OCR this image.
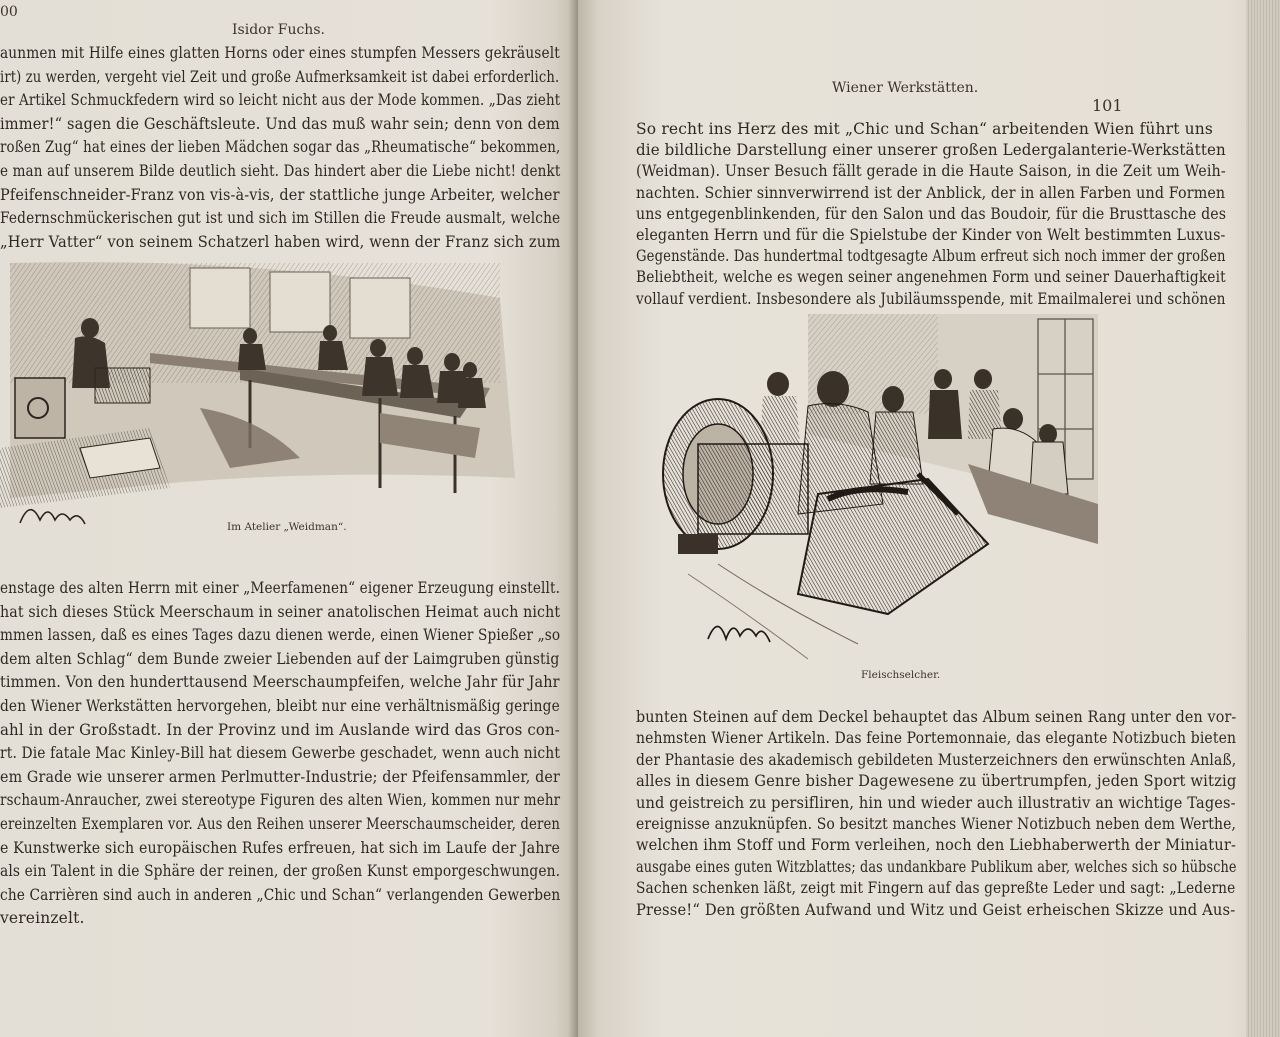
00
Isidor Fuchs.
aunmen mit Hilfe eines glatten Horns oder eines stumpfen Messers gekräuselt
irt) zu werden, vergeht viel Zeit und große Aufmerksamkeit ist dabei erforderlich.
er Artikel Schmuckfedern wird so leicht nicht aus der Mode kommen. „Das zieht
immer!“ sagen die Geschäftsleute. Und das muß wahr sein; denn von dem
roßen Zug“ hat eines der lieben Mädchen sogar das „Rheumatische“ bekommen,
e man auf unserem Bilde deutlich sieht. Das hindert aber die Liebe nicht! denkt
Pfeifenschneider-Franz von vis-à-vis, der stattliche junge Arbeiter, welcher
Federnschmückerischen gut ist und sich im Stillen die Freude ausmalt, welche
„Herr Vatter“ von seinem Schatzerl haben wird, wenn der Franz sich zum
Im Atelier „Weidman“.
enstage des alten Herrn mit einer „Meerfamenen“ eigener Erzeugung einstellt.
hat sich dieses Stück Meerschaum in seiner anatolischen Heimat auch nicht
mmen lassen, daß es eines Tages dazu dienen werde, einen Wiener Spießer „so
dem alten Schlag“ dem Bunde zweier Liebenden auf der Laimgruben günstig
timmen. Von den hunderttausend Meerschaumpfeifen, welche Jahr für Jahr
den Wiener Werkstätten hervorgehen, bleibt nur eine verhältnismäßig geringe
ahl in der Großstadt. In der Provinz und im Auslande wird das Gros con-
rt. Die fatale Mac Kinley-Bill hat diesem Gewerbe geschadet, wenn auch nicht
em Grade wie unserer armen Perlmutter-Industrie; der Pfeifensammler, der
rschaum-Anraucher, zwei stereotype Figuren des alten Wien, kommen nur mehr
ereinzelten Exemplaren vor. Aus den Reihen unserer Meerschaumscheider, deren
e Kunstwerke sich europäischen Rufes erfreuen, hat sich im Laufe der Jahre
als ein Talent in die Sphäre der reinen, der großen Kunst emporgeschwungen.
che Carrièren sind auch in anderen „Chic und Schan“ verlangenden Gewerben
vereinzelt.
Wiener Werkstätten.
101
So recht ins Herz des mit „Chic und Schan“ arbeitenden Wien führt uns
die bildliche Darstellung einer unserer großen Ledergalanterie-Werkstätten
(Weidman). Unser Besuch fällt gerade in die Haute Saison, in die Zeit um Weih-
nachten. Schier sinnverwirrend ist der Anblick, der in allen Farben und Formen
uns entgegenblinkenden, für den Salon und das Boudoir, für die Brusttasche des
eleganten Herrn und für die Spielstube der Kinder von Welt bestimmten Luxus-
Gegenstände. Das hundertmal todtgesagte Album erfreut sich noch immer der großen
Beliebtheit, welche es wegen seiner angenehmen Form und seiner Dauerhaftigkeit
vollauf verdient. Insbesondere als Jubiläumsspende, mit Emailmalerei und schönen
Fleischselcher.
bunten Steinen auf dem Deckel behauptet das Album seinen Rang unter den vor-
nehmsten Wiener Artikeln. Das feine Portemonnaie, das elegante Notizbuch bieten
der Phantasie des akademisch gebildeten Musterzeichners den erwünschten Anlaß,
alles in diesem Genre bisher Dagewesene zu übertrumpfen, jeden Sport witzig
und geistreich zu persifliren, hin und wieder auch illustrativ an wichtige Tages-
ereignisse anzuknüpfen. So besitzt manches Wiener Notizbuch neben dem Werthe,
welchen ihm Stoff und Form verleihen, noch den Liebhaberwerth der Miniatur-
ausgabe eines guten Witzblattes; das undankbare Publikum aber, welches sich so hübsche
Sachen schenken läßt, zeigt mit Fingern auf das gepreßte Leder und sagt: „Lederne
Presse!“ Den größten Aufwand und Witz und Geist erheischen Skizze und Aus-
